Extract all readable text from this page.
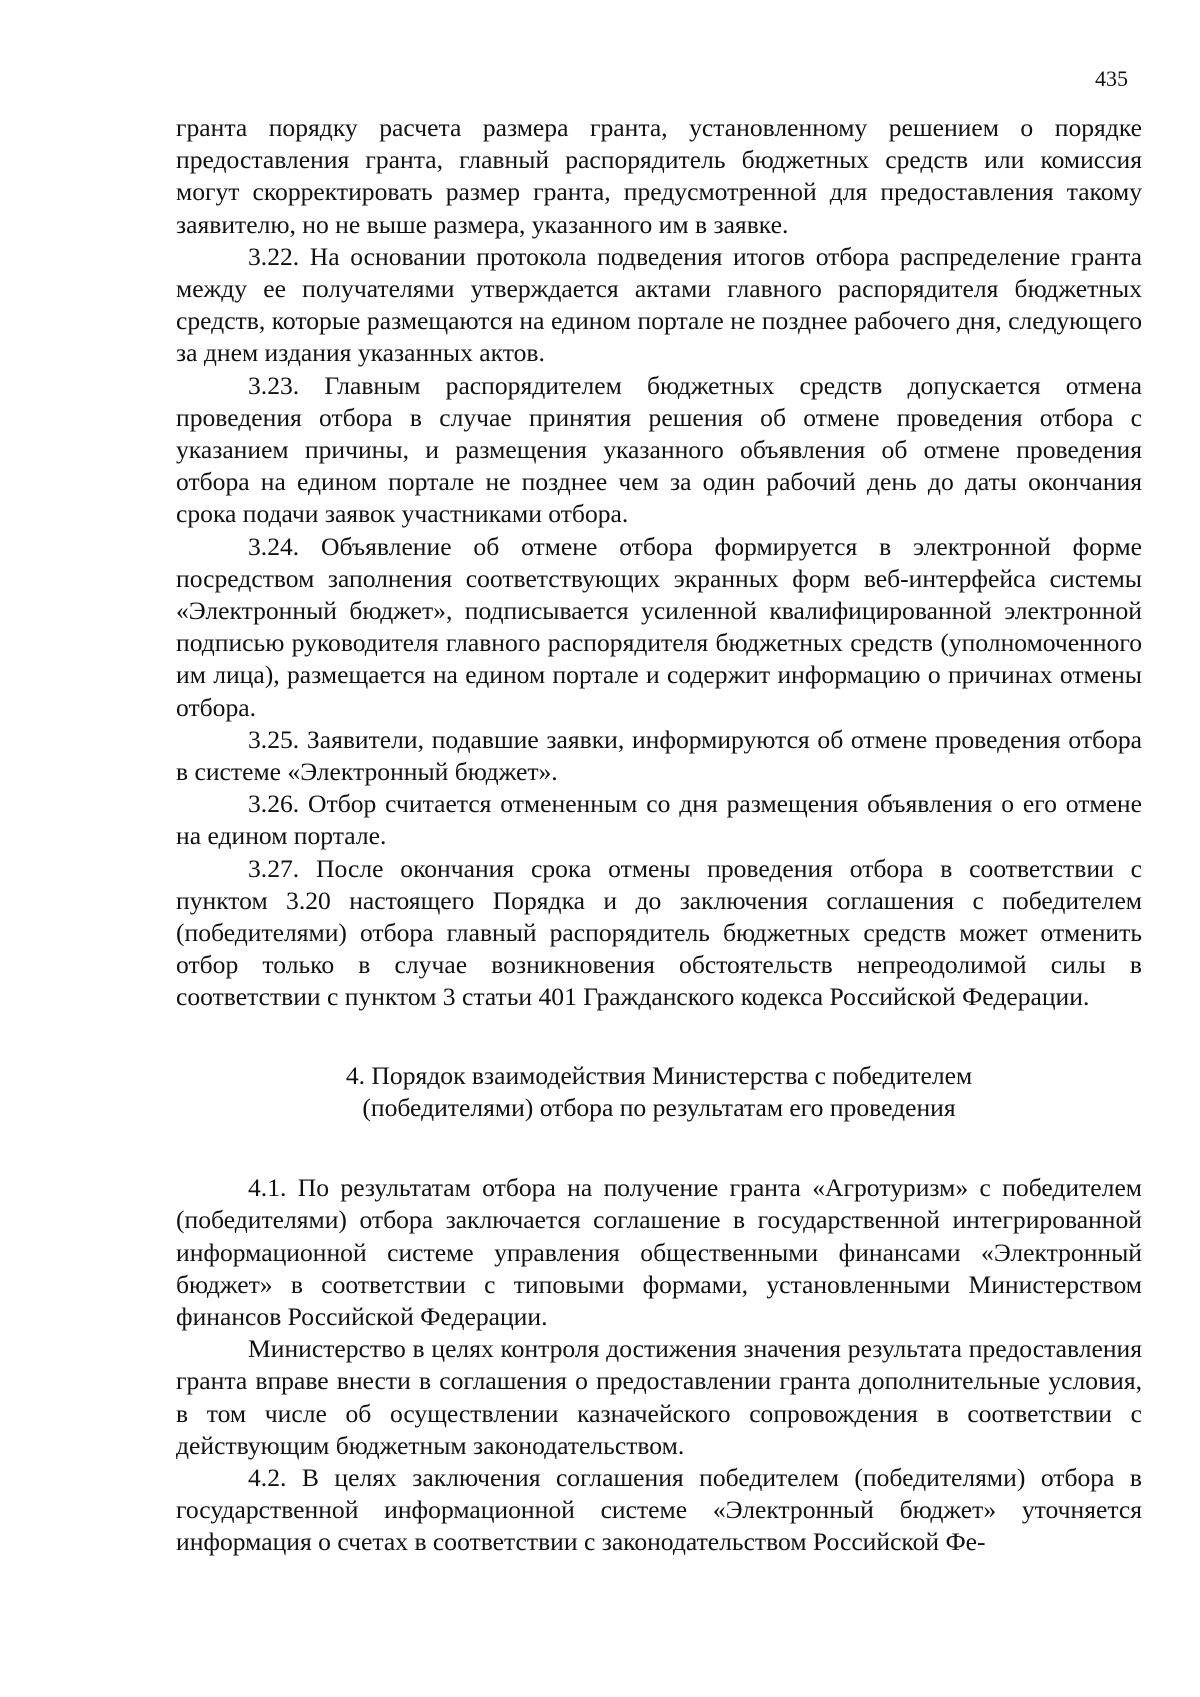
435

гранта порядку расчета размера гранта, установленному решением о порядке предоставления гранта, главный распорядитель бюджетных средств или комиссия могут скорректировать размер гранта, предусмотренной для предоставления такому заявителю, но не выше размера, указанного им в заявке.

3.22. На основании протокола подведения итогов отбора распределение гранта между ее получателями утверждается актами главного распорядителя бюджетных средств, которые размещаются на едином портале не позднее рабочего дня, следующего за днем издания указанных актов.

3.23. Главным распорядителем бюджетных средств допускается отмена проведения отбора в случае принятия решения об отмене проведения отбора с указанием причины, и размещения указанного объявления об отмене проведения отбора на едином портале не позднее чем за один рабочий день до даты окончания срока подачи заявок участниками отбора.

3.24. Объявление об отмене отбора формируется в электронной форме посредством заполнения соответствующих экранных форм веб-интерфейса системы «Электронный бюджет», подписывается усиленной квалифицированной электронной подписью руководителя главного распорядителя бюджетных средств (уполномоченного им лица), размещается на едином портале и содержит информацию о причинах отмены отбора.

3.25. Заявители, подавшие заявки, информируются об отмене проведения отбора в системе «Электронный бюджет».

3.26. Отбор считается отмененным со дня размещения объявления о его отмене на едином портале.

3.27. После окончания срока отмены проведения отбора в соответствии с пунктом 3.20 настоящего Порядка и до заключения соглашения с победителем (победителями) отбора главный распорядитель бюджетных средств может отменить отбор только в случае возникновения обстоятельств непреодолимой силы в соответствии с пунктом 3 статьи 401 Гражданского кодекса Российской Федерации.

4. Порядок взаимодействия Министерства с победителем
(победителями) отбора по результатам его проведения

4.1. По результатам отбора на получение гранта «Агротуризм» с победителем (победителями) отбора заключается соглашение в государственной интегрированной информационной системе управления общественными финансами «Электронный бюджет» в соответствии с типовыми формами, установленными Министерством финансов Российской Федерации.

Министерство в целях контроля достижения значения результата предоставления гранта вправе внести в соглашения о предоставлении гранта дополнительные условия, в том числе об осуществлении казначейского сопровождения в соответствии с действующим бюджетным законодательством.

4.2. В целях заключения соглашения победителем (победителями) отбора в государственной информационной системе «Электронный бюджет» уточняется информация о счетах в соответствии с законодательством Российской Фе-
